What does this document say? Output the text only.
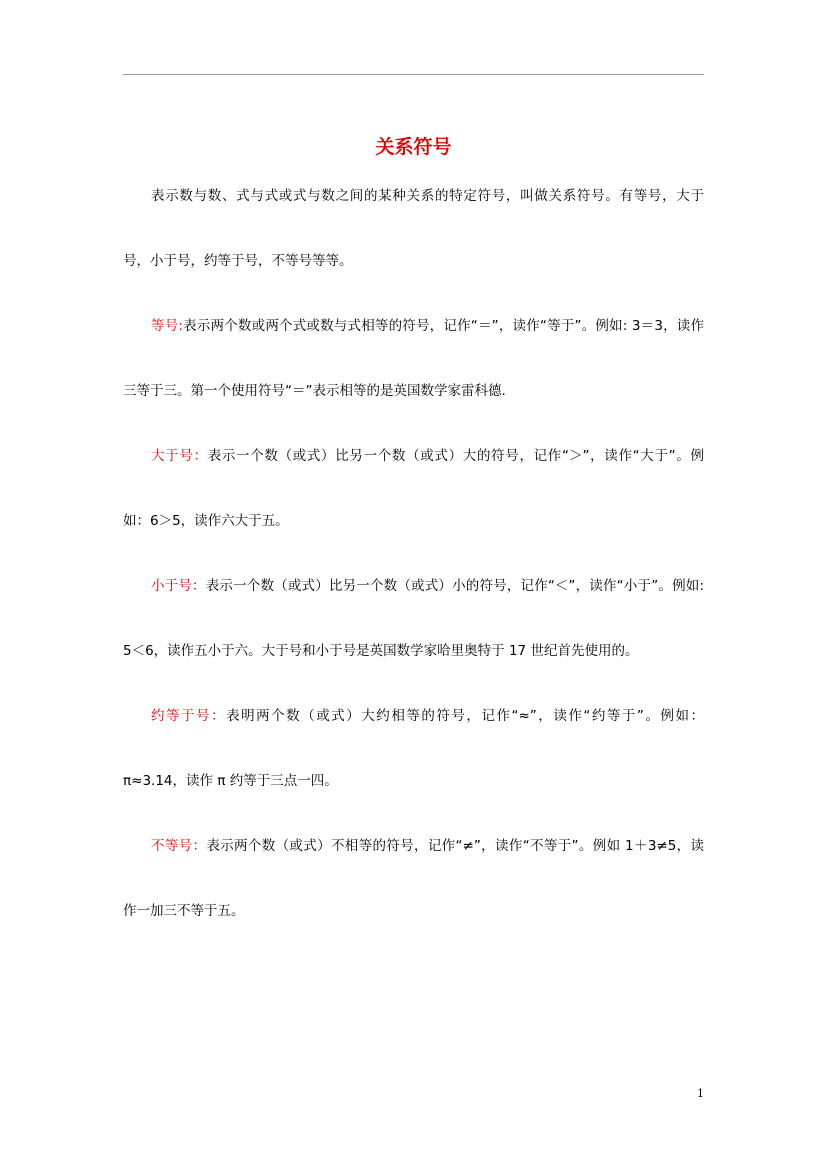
关系符号

表示数与数、式与式或式与数之间的某种关系的特定符号，叫做关系符号。有等号，大于号，小于号，约等于号，不等号等等。

等号:表示两个数或两个式或数与式相等的符号，记作“＝”，读作“等于”。例如: 3＝3，读作三等于三。第一个使用符号“＝”表示相等的是英国数学家雷科德.

大于号：表示一个数（或式）比另一个数（或式）大的符号，记作“＞”，读作“大于”。例如：6＞5，读作六大于五。

小于号：表示一个数（或式）比另一个数（或式）小的符号，记作“＜”，读作“小于”。例如: 5＜6，读作五小于六。大于号和小于号是英国数学家哈里奥特于 17 世纪首先使用的。

约等于号：表明两个数（或式）大约相等的符号，记作“≈”，读作“约等于”。例如：π≈3.14，读作 π 约等于三点一四。

不等号：表示两个数（或式）不相等的符号，记作“≠”，读作“不等于”。例如 1＋3≠5，读作一加三不等于五。

1
